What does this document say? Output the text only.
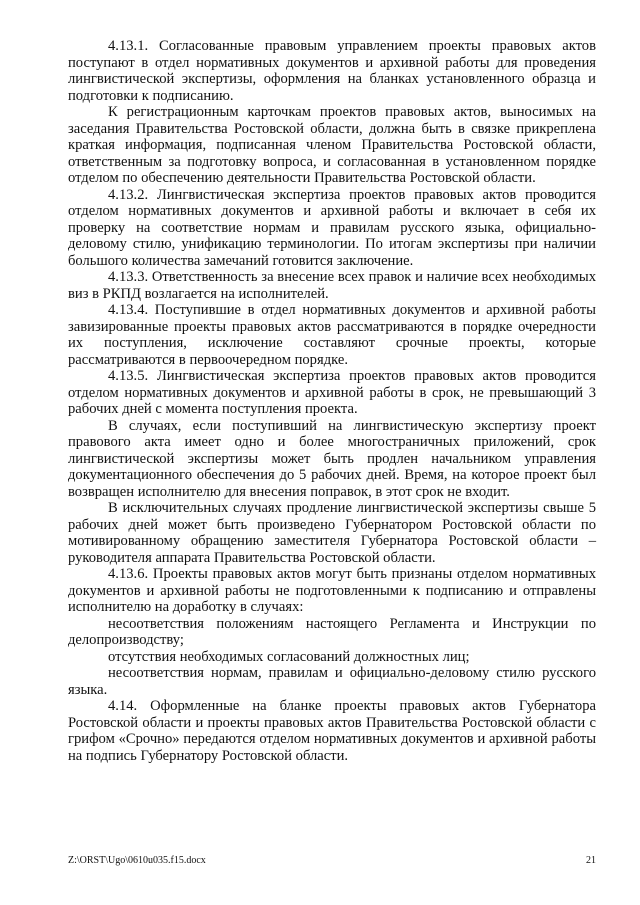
4.13.1. Согласованные правовым управлением проекты правовых актов поступают в отдел нормативных документов и архивной работы для проведения лингвистической экспертизы, оформления на бланках установленного образца и подготовки к подписанию.

К регистрационным карточкам проектов правовых актов, выносимых на заседания Правительства Ростовской области, должна быть в связке прикреплена краткая информация, подписанная членом Правительства Ростовской области, ответственным за подготовку вопроса, и согласованная в установленном порядке отделом по обеспечению деятельности Правительства Ростовской области.

4.13.2. Лингвистическая экспертиза проектов правовых актов проводится отделом нормативных документов и архивной работы и включает в себя их проверку на соответствие нормам и правилам русского языка, официально-деловому стилю, унификацию терминологии. По итогам экспертизы при наличии большого количества замечаний готовится заключение.

4.13.3. Ответственность за внесение всех правок и наличие всех необходимых виз в РКПД возлагается на исполнителей.

4.13.4. Поступившие в отдел нормативных документов и архивной работы завизированные проекты правовых актов рассматриваются в порядке очередности их поступления, исключение составляют срочные проекты, которые рассматриваются в первоочередном порядке.

4.13.5. Лингвистическая экспертиза проектов правовых актов проводится отделом нормативных документов и архивной работы в срок, не превышающий 3 рабочих дней с момента поступления проекта.

В случаях, если поступивший на лингвистическую экспертизу проект правового акта имеет одно и более многостраничных приложений, срок лингвистической экспертизы может быть продлен начальником управления документационного обеспечения до 5 рабочих дней. Время, на которое проект был возвращен исполнителю для внесения поправок, в этот срок не входит.

В исключительных случаях продление лингвистической экспертизы свыше 5 рабочих дней может быть произведено Губернатором Ростовской области по мотивированному обращению заместителя Губернатора Ростовской области – руководителя аппарата Правительства Ростовской области.

4.13.6. Проекты правовых актов могут быть признаны отделом нормативных документов и архивной работы не подготовленными к подписанию и отправлены исполнителю на доработку в случаях:

несоответствия положениям настоящего Регламента и Инструкции по делопроизводству;

отсутствия необходимых согласований должностных лиц;

несоответствия нормам, правилам и официально-деловому стилю русского языка.

4.14. Оформленные на бланке проекты правовых актов Губернатора Ростовской области и проекты правовых актов Правительства Ростовской области с грифом «Срочно» передаются отделом нормативных документов и архивной работы на подпись Губернатору Ростовской области.

Z:\ORST\Ugo\0610u035.f15.docx	21
